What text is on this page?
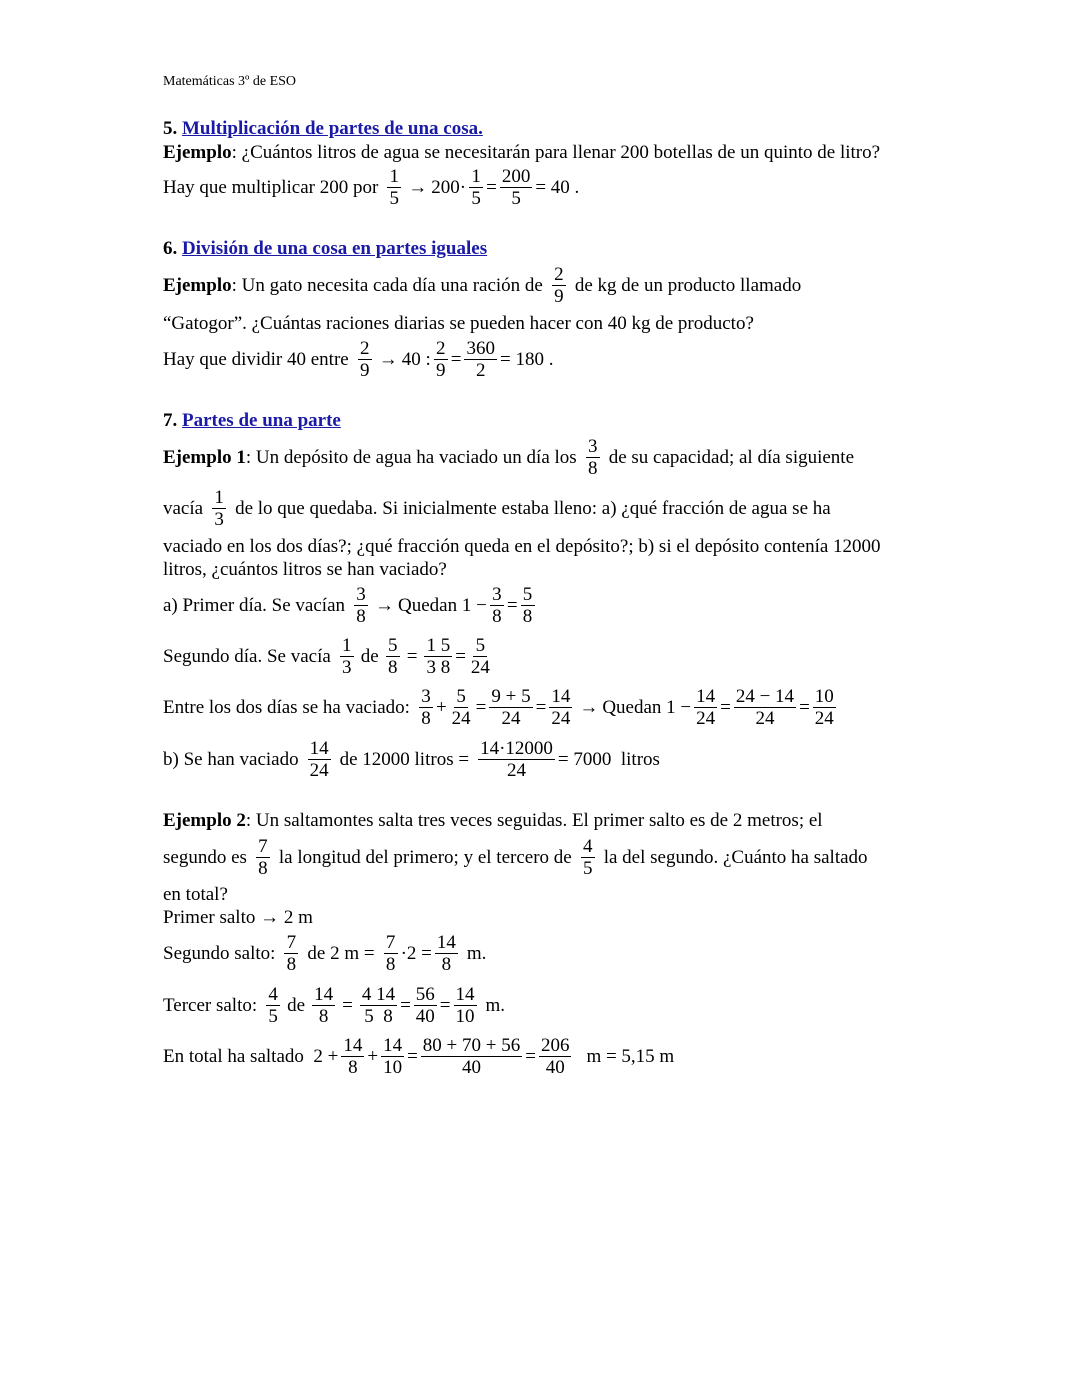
Matemáticas 3º de ESO
5. Multiplicación de partes de una cosa.
Ejemplo: ¿Cuántos litros de agua se necesitarán para llenar 200 botellas de un quinto de litro?
Hay que multiplicar 200 por 1
5
→ $200\cdot \frac{1}{5} = \frac{200}{5} = 40$ .
6. División de una cosa en partes iguales
Ejemplo : Un gato necesita cada día una ración de 2
9
de kg de un producto llamado
“Gatogor”. ¿Cuántas raciones diarias se pueden hacer con 40 kg de producto?
Hay que dividir 40 entre 2
9
→ 40 : $\frac{2}{9} = \frac{360}{2} = 180$ .
7. Partes de una parte
Ejemplo 1 : Un depósito de agua ha vaciado un día los 3
8
de su capacidad; al día siguiente
vacía 1
3
de lo que quedaba. Si inicialmente estaba lleno: a) ¿qué fracción de agua se ha
vaciado en los dos días?; ¿qué fracción queda en el depósito?; b) si el depósito contenía 12000
litros, ¿cuántos litros se han vaciado?
a) Primer día. Se vacían 3
8
→ Quedan $1 - \frac{3}{8} = \frac{5}{8}$
Segundo día. Se vacía 1
3
de $\frac{5}{8} = \frac{1 5}{3 8} = \frac{5}{24}$
Entre los dos días se ha vaciado: 3
8
+ $\frac{5}{24} = \frac{9 + 5}{24} = \frac{14}{24}$ → Quedan $1 - \frac{14}{24} = \frac{24 - 14}{24} = \frac{10}{24}$
b) Se han vaciado 14
24
de 12000 litros = $\frac{14\cdot 12000}{24} = 7000$  litros
Ejemplo 2: Un saltamontes salta tres veces seguidas. El primer salto es de 2 metros; el
segundo es 7
8
la longitud del primero; y el tercero de 4
5
la del segundo. ¿Cuánto ha saltado
en total?
Primer salto → 2 m
Segundo salto: 7
8
de 2 m = 7
8
$\cdot 2 = \frac{14}{8} m$.
Tercer salto: 4
5
de $\frac{14}{8} = \frac{4 14}{5 8} = \frac{56}{40} = \frac{14}{10} m$.
En total ha saltado  $2 + \frac{14}{8} + \frac{14}{10} = \frac{80 + 70 + 56}{40} = \frac{206}{40}$ m = 5,15 m
